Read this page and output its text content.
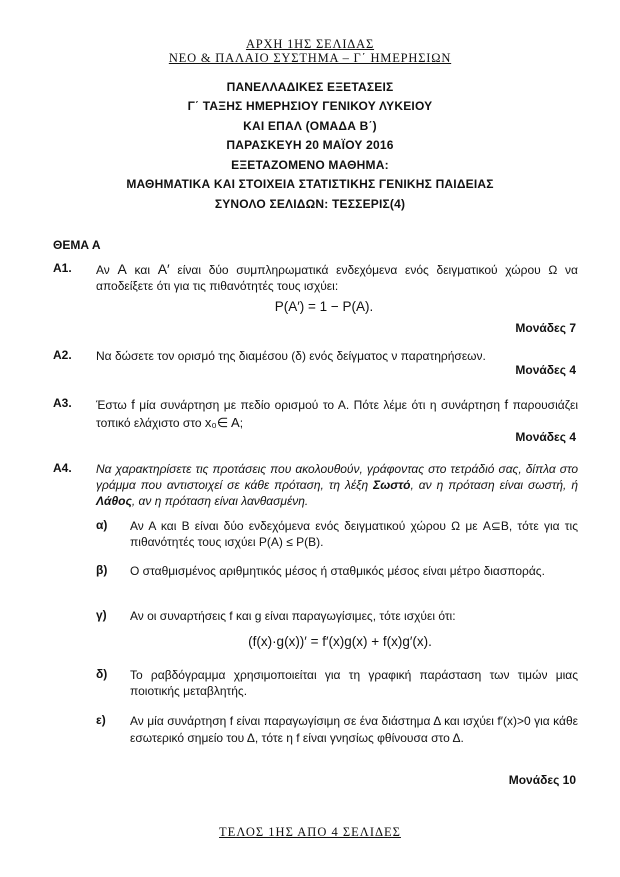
ΑΡΧΗ 1ΗΣ ΣΕΛΙΔΑΣ
ΝΕΟ & ΠΑΛΑΙΟ ΣΥΣΤΗΜΑ – Γ΄ ΗΜΕΡΗΣΙΩΝ
ΠΑΝΕΛΛΑΔΙΚΕΣ ΕΞΕΤΑΣΕΙΣ
Γ΄ ΤΑΞΗΣ ΗΜΕΡΗΣΙΟΥ ΓΕΝΙΚΟΥ ΛΥΚΕΙΟΥ
ΚΑΙ ΕΠΑΛ (ΟΜΑΔΑ Β΄)
ΠΑΡΑΣΚΕΥΗ 20 ΜΑΪΟΥ 2016
ΕΞΕΤΑΖΟΜΕΝΟ ΜΑΘΗΜΑ:
ΜΑΘΗΜΑΤΙΚΑ ΚΑΙ ΣΤΟΙΧΕΙΑ ΣΤΑΤΙΣΤΙΚΗΣ ΓΕΝΙΚΗΣ ΠΑΙΔΕΙΑΣ
ΣΥΝΟΛΟ ΣΕΛΙΔΩΝ: ΤΕΣΣΕΡΙΣ(4)
ΘΕΜΑ Α
Α1. Αν A και A′ είναι δύο συμπληρωματικά ενδεχόμενα ενός δειγματικού χώρου Ω να αποδείξετε ότι για τις πιθανότητές τους ισχύει:
P(A′) = 1 − P(A).
Μονάδες 7
Α2. Να δώσετε τον ορισμό της διαμέσου (δ) ενός δείγματος ν παρατηρήσεων.
Μονάδες 4
Α3. Έστω f μία συνάρτηση με πεδίο ορισμού το Α. Πότε λέμε ότι η συνάρτηση f παρουσιάζει τοπικό ελάχιστο στο x₀∈ A;
Μονάδες 4
Α4. Να χαρακτηρίσετε τις προτάσεις που ακολουθούν, γράφοντας στο τετράδιό σας, δίπλα στο γράμμα που αντιστοιχεί σε κάθε πρόταση, τη λέξη Σωστό, αν η πρόταση είναι σωστή, ή Λάθος, αν η πρόταση είναι λανθασμένη.
α) Αν Α και Β είναι δύο ενδεχόμενα ενός δειγματικού χώρου Ω με A⊆B, τότε για τις πιθανότητές τους ισχύει P(A) ≤ P(B).
β) Ο σταθμισμένος αριθμητικός μέσος ή σταθμικός μέσος είναι μέτρο διασποράς.
γ) Αν οι συναρτήσεις f και g είναι παραγωγίσιμες, τότε ισχύει ότι:
(f(x)·g(x))′ = f′(x)g(x) + f(x)g′(x).
δ) Το ραβδόγραμμα χρησιμοποιείται για τη γραφική παράσταση των τιμών μιας ποιοτικής μεταβλητής.
ε) Αν μία συνάρτηση f είναι παραγωγίσιμη σε ένα διάστημα Δ και ισχύει f′(x)>0 για κάθε εσωτερικό σημείο του Δ, τότε η f είναι γνησίως φθίνουσα στο Δ.
Μονάδες 10
ΤΕΛΟΣ 1ΗΣ ΑΠΟ 4 ΣΕΛΙΔΕΣ
